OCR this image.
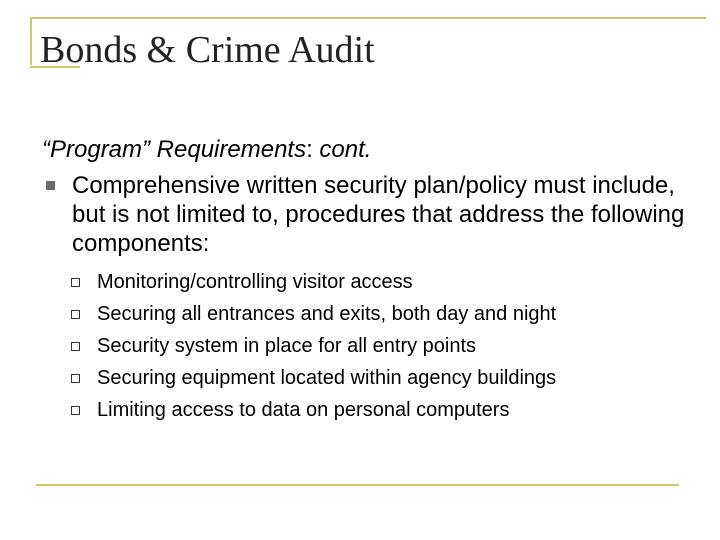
Bonds & Crime Audit

“Program” Requirements: cont.

Comprehensive written security plan/policy must include, but is not limited to, procedures that address the following components:

Monitoring/controlling visitor access
Securing all entrances and exits, both day and night
Security system in place for all entry points
Securing equipment located within agency buildings
Limiting access to data on personal computers
